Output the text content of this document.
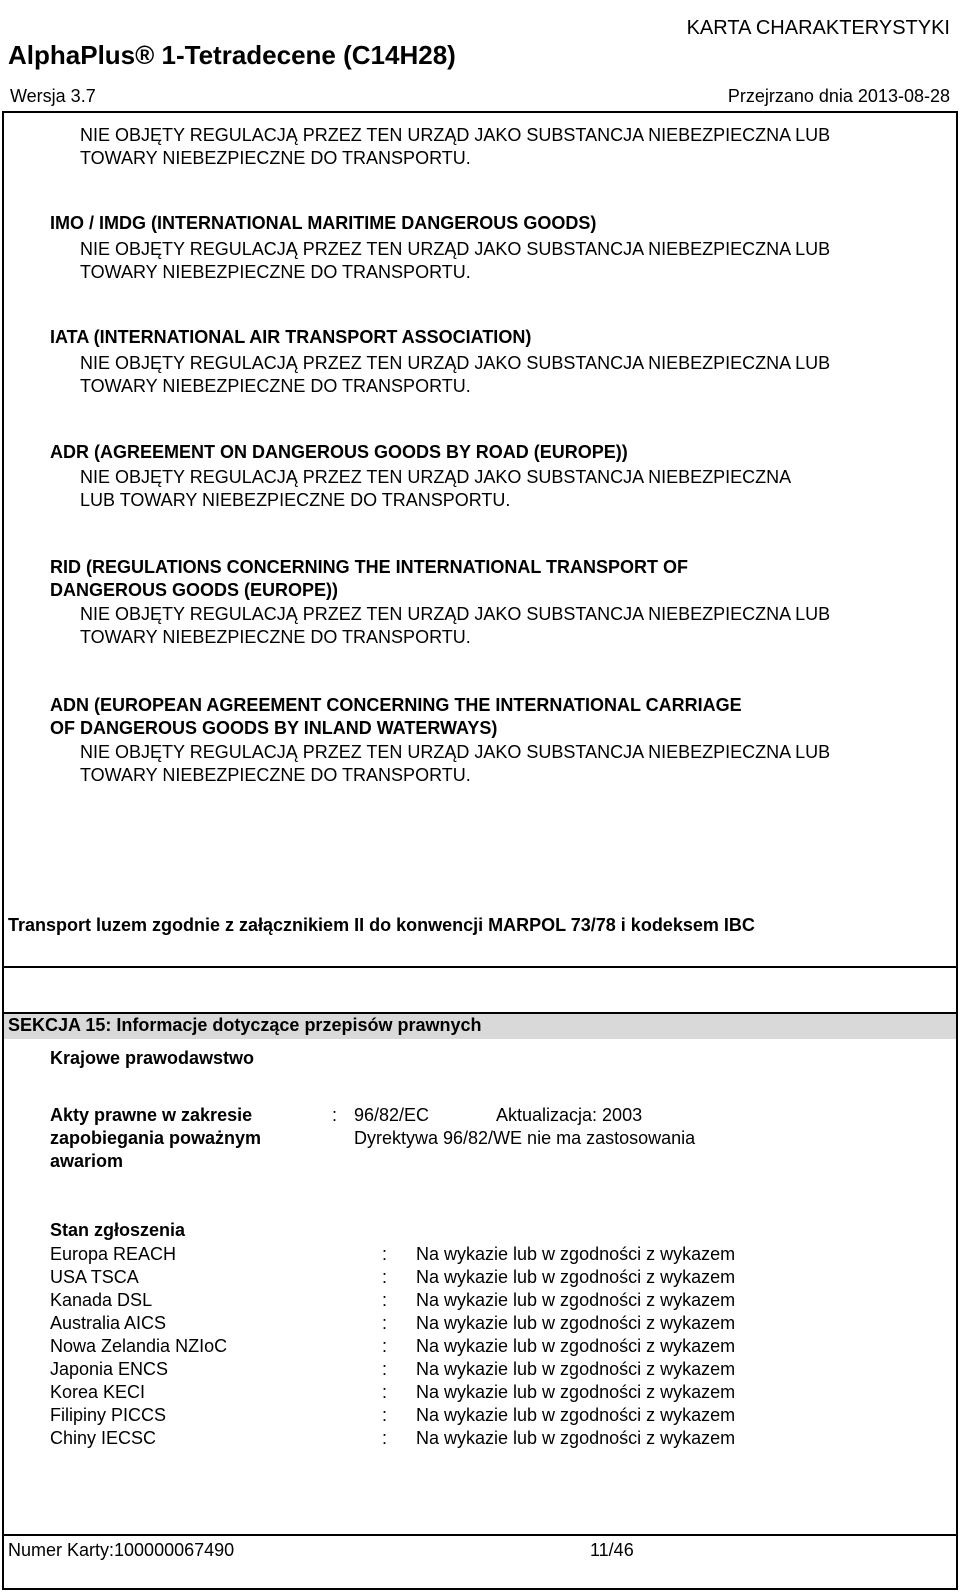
KARTA CHARAKTERYSTYKI
AlphaPlus® 1-Tetradecene (C14H28)
Wersja 3.7	Przejrzano dnia 2013-08-28
NIE OBJĘTY REGULACJĄ PRZEZ TEN URZĄD JAKO SUBSTANCJA NIEBEZPIECZNA LUB
TOWARY NIEBEZPIECZNE DO TRANSPORTU.
IMO / IMDG (INTERNATIONAL MARITIME DANGEROUS GOODS)
NIE OBJĘTY REGULACJĄ PRZEZ TEN URZĄD JAKO SUBSTANCJA NIEBEZPIECZNA LUB
TOWARY NIEBEZPIECZNE DO TRANSPORTU.
IATA (INTERNATIONAL AIR TRANSPORT ASSOCIATION)
NIE OBJĘTY REGULACJĄ PRZEZ TEN URZĄD JAKO SUBSTANCJA NIEBEZPIECZNA LUB
TOWARY NIEBEZPIECZNE DO TRANSPORTU.
ADR (AGREEMENT ON DANGEROUS GOODS BY ROAD (EUROPE))
NIE OBJĘTY REGULACJĄ PRZEZ TEN URZĄD JAKO SUBSTANCJA NIEBEZPIECZNA
LUB TOWARY NIEBEZPIECZNE DO TRANSPORTU.
RID (REGULATIONS CONCERNING THE INTERNATIONAL TRANSPORT OF
DANGEROUS GOODS (EUROPE))
NIE OBJĘTY REGULACJĄ PRZEZ TEN URZĄD JAKO SUBSTANCJA NIEBEZPIECZNA LUB
TOWARY NIEBEZPIECZNE DO TRANSPORTU.
ADN (EUROPEAN AGREEMENT CONCERNING THE INTERNATIONAL CARRIAGE
OF DANGEROUS GOODS BY INLAND WATERWAYS)
NIE OBJĘTY REGULACJĄ PRZEZ TEN URZĄD JAKO SUBSTANCJA NIEBEZPIECZNA LUB
TOWARY NIEBEZPIECZNE DO TRANSPORTU.
Transport luzem zgodnie z załącznikiem II do konwencji MARPOL 73/78 i kodeksem IBC
SEKCJA 15: Informacje dotyczące przepisów prawnych
Krajowe prawodawstwo
Akty prawne w zakresie
zapobiegania poważnym
awariom
: 96/82/EC	Aktualizacja: 2003
Dyrektywa 96/82/WE nie ma zastosowania
Stan zgłoszenia
Europa REACH	: Na wykazie lub w zgodności z wykazem
USA TSCA	: Na wykazie lub w zgodności z wykazem
Kanada DSL	: Na wykazie lub w zgodności z wykazem
Australia AICS	: Na wykazie lub w zgodności z wykazem
Nowa Zelandia NZIoC	: Na wykazie lub w zgodności z wykazem
Japonia ENCS	: Na wykazie lub w zgodności z wykazem
Korea KECI	: Na wykazie lub w zgodności z wykazem
Filipiny PICCS	: Na wykazie lub w zgodności z wykazem
Chiny IECSC	: Na wykazie lub w zgodności z wykazem
Numer Karty:100000067490	11/46
